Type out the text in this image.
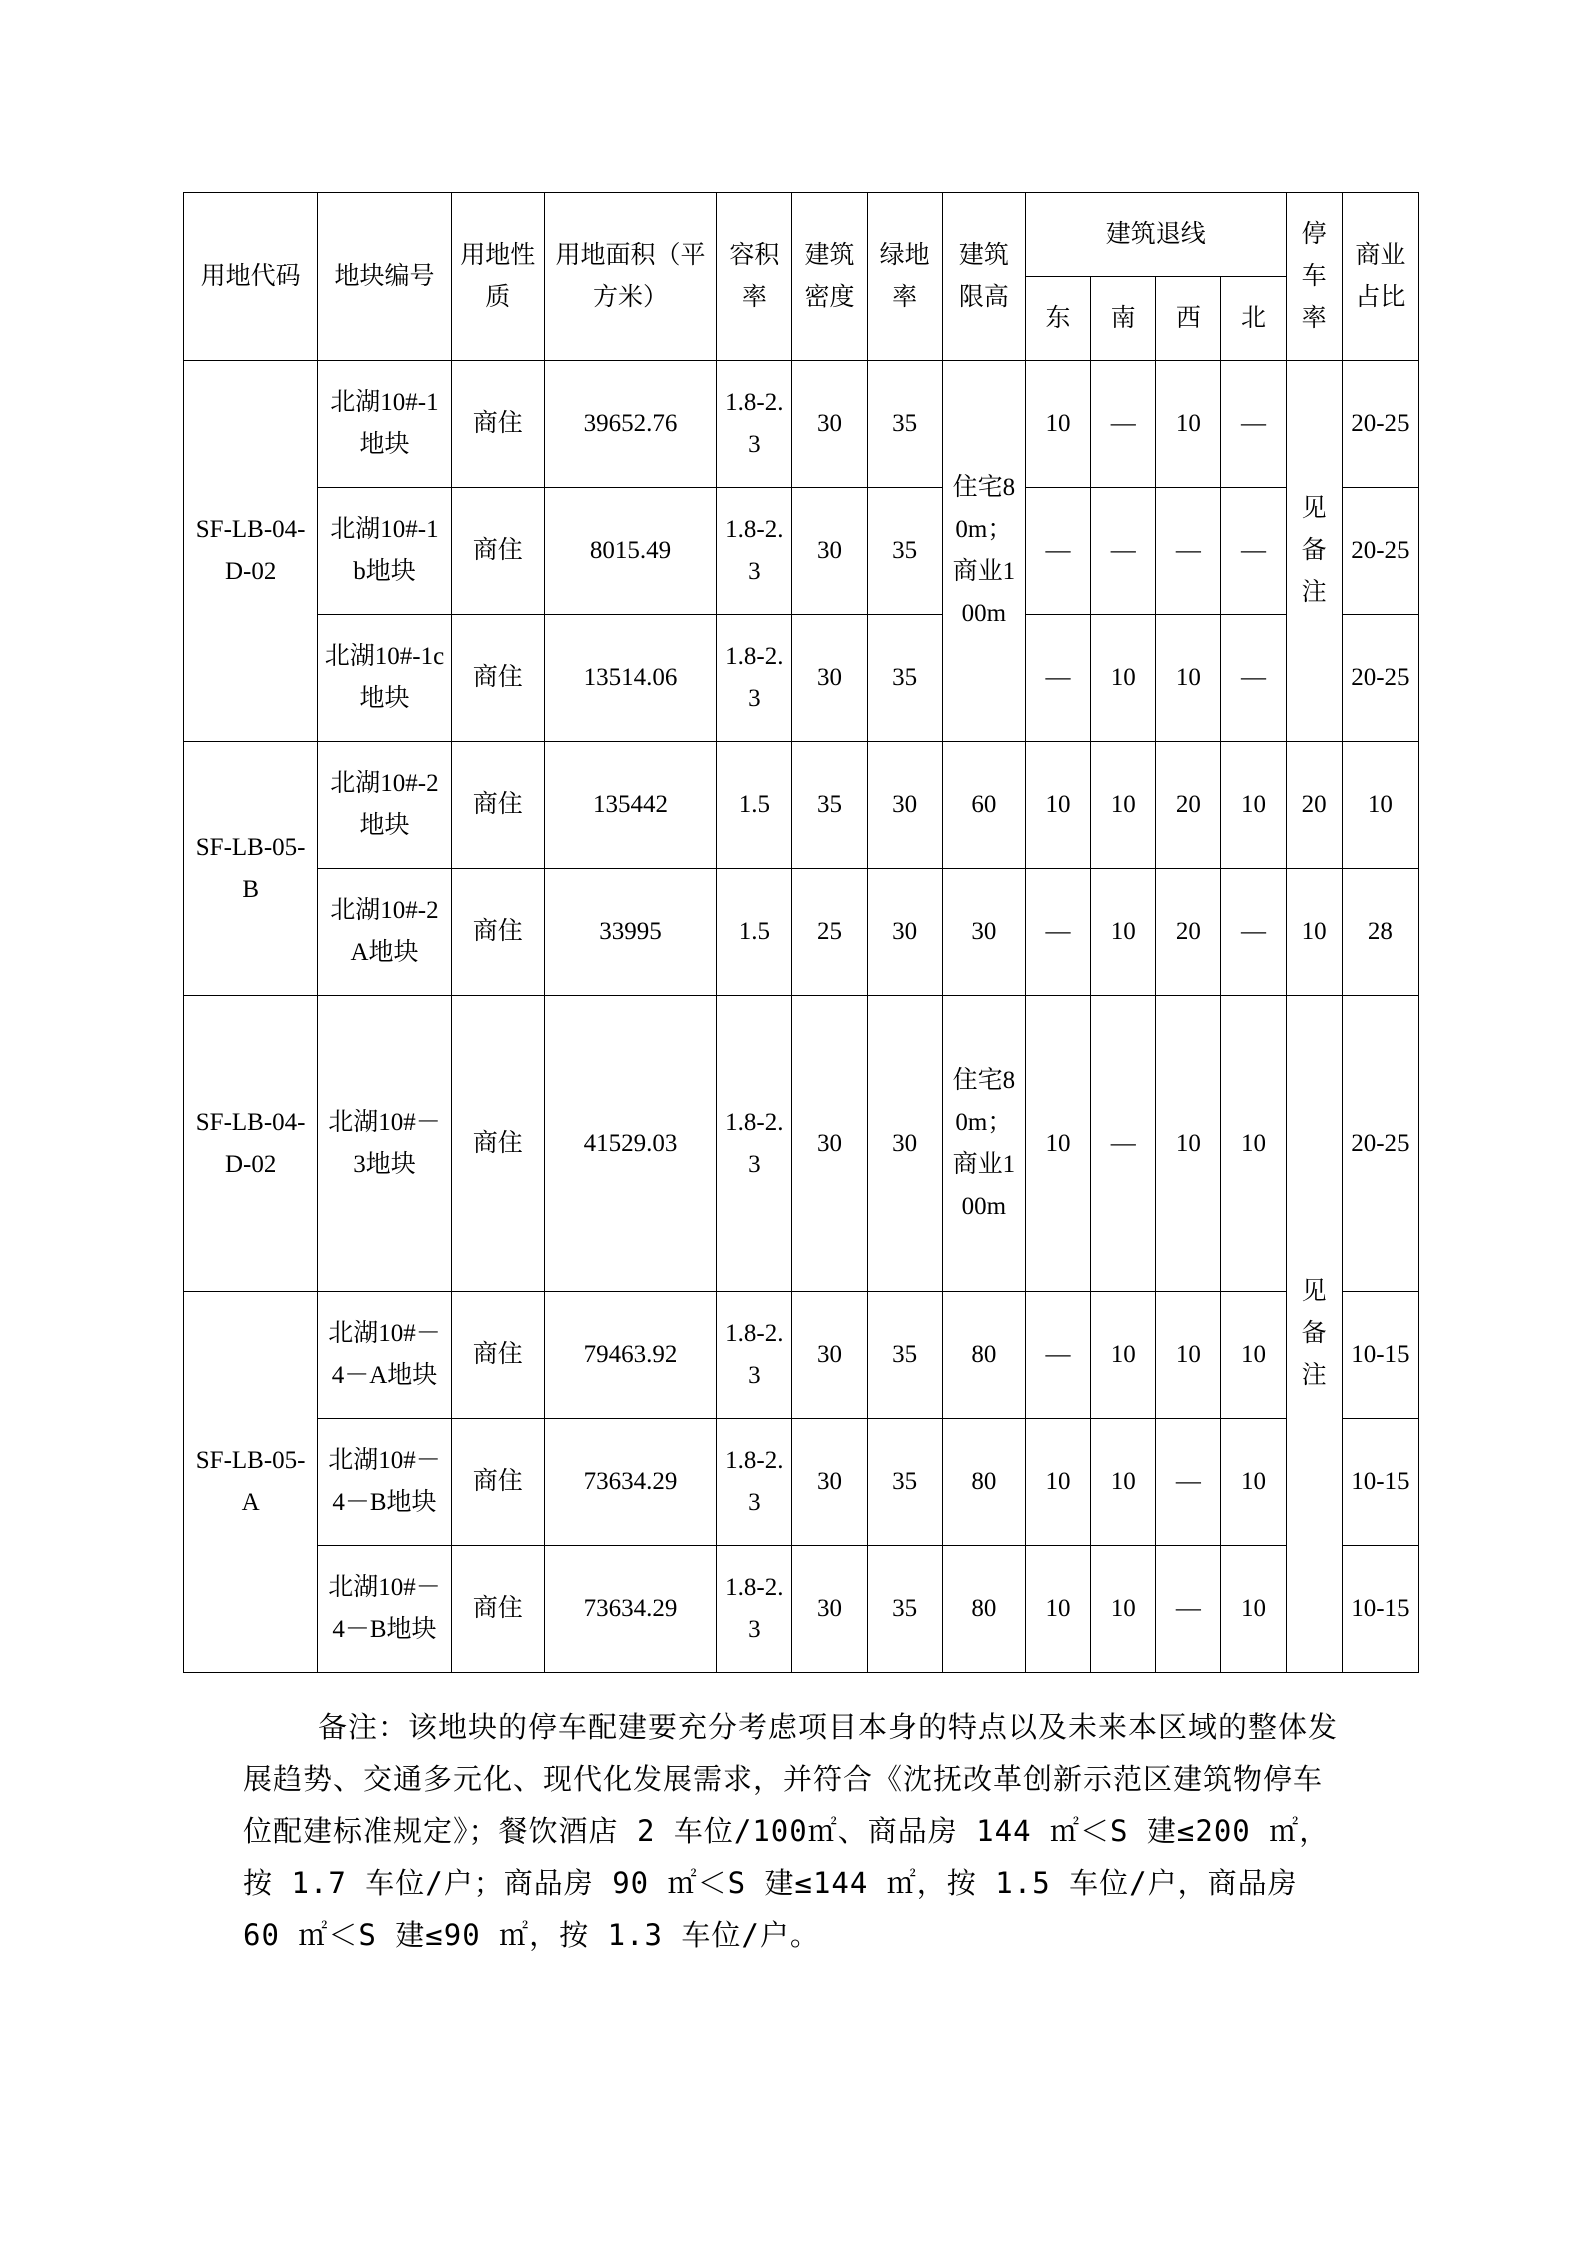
用地代码	地块编号	用地性质	用地面积（平方米）	容积率	建筑密度	绿地率	建筑限高	建筑退线				停车率	商业占比
								东	南	西	北		
SF-LB-04-D-02	北湖10#-1 地块	商住	39652.76	1.8-2.3	30	35	住宅80m；商业100m	10	—	10	—	见备注	20-25
	北湖10#-1b地块	商住	8015.49	1.8-2.3	30	35		—	—	—	—		20-25
	北湖10#-1c地块	商住	13514.06	1.8-2.3	30	35		—	10	10	—		20-25
SF-LB-05-B	北湖10#-2地块	商住	135442	1.5	35	30	60	10	10	20	10	20	10
	北湖10#-2A地块	商住	33995	1.5	25	30	30	—	10	20	—	10	28
SF-LB-04-D-02	北湖10#－3地块	商住	41529.03	1.8-2.3	30	30	住宅80m；商业100m	10	—	10	10	见备注	20-25
SF-LB-05-A	北湖10#－4－A地块	商住	79463.92	1.8-2.3	30	35	80	—	10	10	10		10-15
	北湖10#－4－B地块	商住	73634.29	1.8-2.3	30	35	80	10	10	—	10		10-15
	北湖10#－4－B地块	商住	73634.29	1.8-2.3	30	35	80	10	10	—	10		10-15

备注：该地块的停车配建要充分考虑项目本身的特点以及未来本区域的整体发展趋势、交通多元化、现代化发展需求，并符合《沈抚改革创新示范区建筑物停车位配建标准规定》；餐饮酒店 2 车位/100㎡、商品房 144 ㎡＜S 建≤200 ㎡，按 1.7 车位/户；商品房 90 ㎡＜S 建≤144 ㎡，按 1.5 车位/户，商品房 60 ㎡＜S 建≤90 ㎡，按 1.3 车位/户。
